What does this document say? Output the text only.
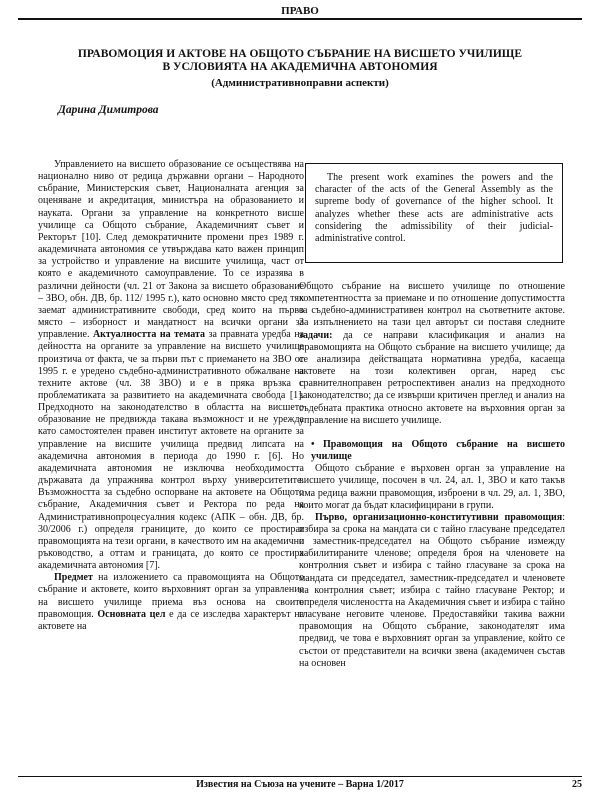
ПРАВО
ПРАВОМОЦИЯ И АКТОВЕ НА ОБЩОТО СЪБРАНИЕ НА ВИСШЕТО УЧИЛИЩЕ
В УСЛОВИЯТА НА АКАДЕМИЧНА АВТОНОМИЯ
(Административноправни аспекти)
Дарина Димитрова

Управлението на висшето образование се осъществява на национално ниво от редица държавни органи – Народното събрание, Министерския съвет, Националната агенция за оценяване и акредитация, министъра на образованието и науката. Органи за управление на конкретното висше училище са Общото събрание, Академичният съвет и Ректорът [10]. След демократичните промени през 1989 г. академичната автономия се утвърждава като важен принцип за устройство и управление на висшите училища, част от която е академичното самоуправление. То се изразява в различни дейности (чл. 21 от Закона за висшето образование – ЗВО, обн. ДВ, бр. 112/ 1995 г.), като основно място сред тях заемат административните свободи, сред които на първо място – изборност и мандатност на всички органи за управление. Актуалността на темата за правната уредба на дейността на органите за управление на висшето училище произтича от факта, че за първи път с приемането на ЗВО от 1995 г. е уредено съдебно-административното обжалване на техните актове (чл. 38 ЗВО) и е в пряка връзка с проблематиката за развитието на академичната свобода [1]. Предходното на законодателство в областта на висшето образование не предвижда такава възможност и не урежда като самостоятелен правен институт актовете на органите за управление на висшите училища предвид липсата на академична автономия в периода до 1990 г. [6]. Но академичната автономия не изключва необходимостта държавата да упражнява контрол върху университетите. Възможността за съдебно оспорване на актовете на Общото събрание, Академичния съвет и Ректора по реда на Административнопроцесуалния кодекс (АПК – обн. ДВ, бр. 30/2006 г.) определя границите, до които се простират правомощията на тези органи, в качеството им на академично ръководство, а оттам и границата, до която се простира академичната автономия [7].

Предмет на изложението са правомощията на Общото събрание и актовете, които върховният орган за управление на висшето училище приема въз основа на своите правомощия. Основната цел е да се изследва характерът на актовете на

The present work examines the powers and the character of the acts of the General Assembly as the supreme body of governance of the higher school. It analyzes whether these acts are administrative acts considering the admissibility of their judicial-administrative control.

Общото събрание на висшето училище по отношение компетентността за приемане и по отношение допустимостта за съдебно-административен контрол на съответните актове. За изпълнението на тази цел авторът си поставя следните задачи: да се направи класификация и анализ на правомощията на Общото събрание на висшето училище; да се анализира действащата нормативна уредба, касаеща актовете на този колективен орган, наред със сравнителноправен ретроспективен анализ на предходното законодателство; да се извърши критичен преглед и анализ на съдебната практика относно актовете на върховния орган за управление на висшето училище.

• Правомощия на Общото събрание на висшето училище

Общото събрание е върховен орган за управление на висшето училище, посочен в чл. 24, ал. 1, ЗВО и като такъв има редица важни правомощия, изброени в чл. 29, ал. 1, ЗВО, които могат да бъдат класифицирани в групи.

Първо, организационно-конститутивни правомощия: избира за срока на мандата си с тайно гласуване председател и заместник-председател на Общото събрание измежду хабилитираните членове; определя броя на членовете на контролния съвет и избира с тайно гласуване за срока на мандата си председател, заместник-председател и членовете на контролния съвет; избира с тайно гласуване Ректор; и определя числеността на Академичния съвет и избира с тайно гласуване неговите членове. Предоставяйки такива важни правомощия на Общото събрание, законодателят има предвид, че това е върховният орган за управление, който се състои от представители на всички звена (академичен състав на основен

Известия на Съюза на учените – Варна 1/2017	25
